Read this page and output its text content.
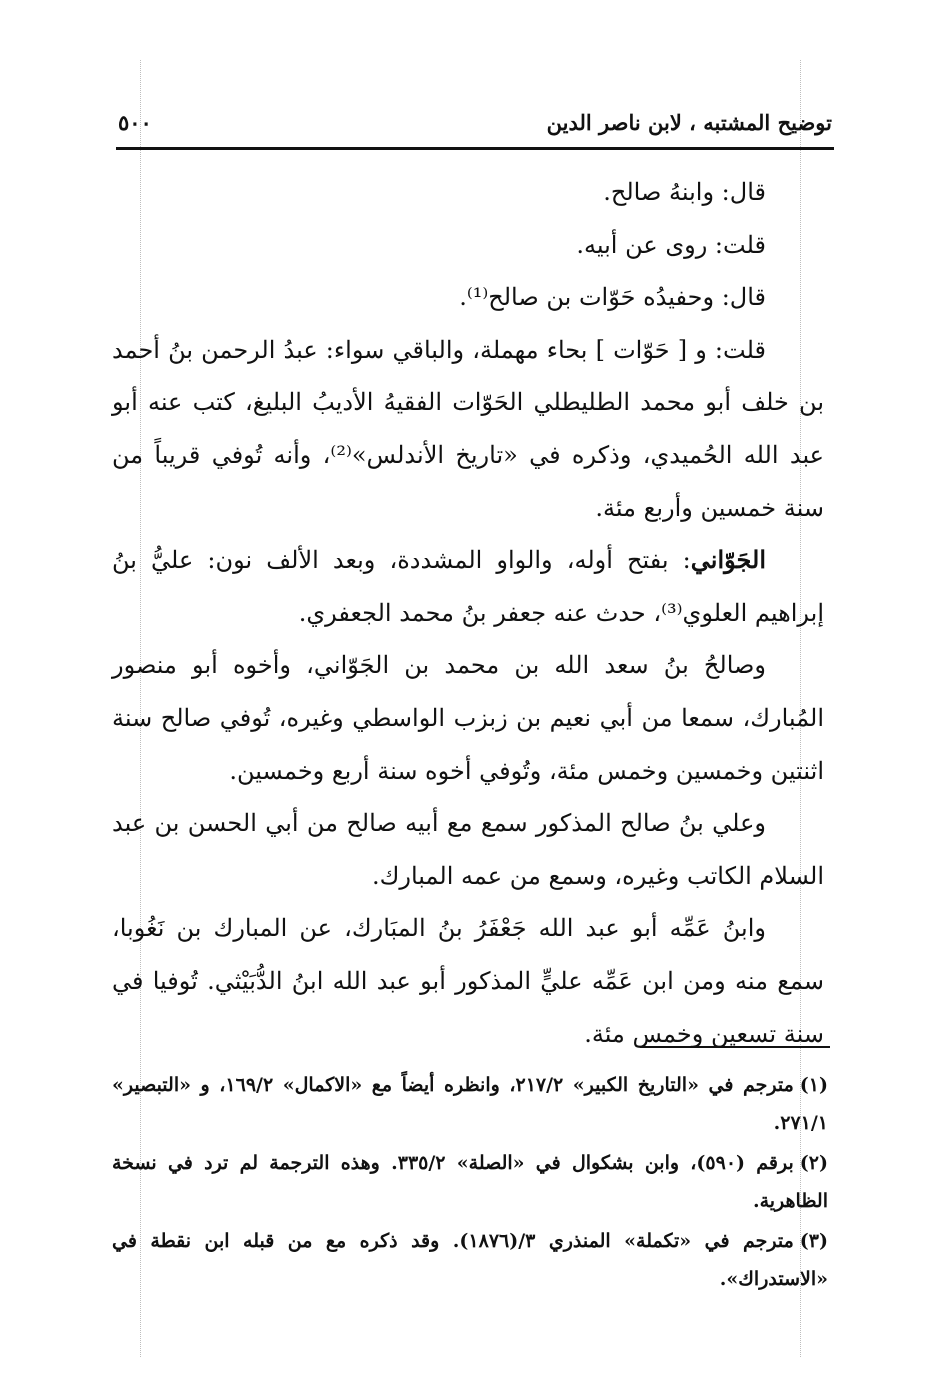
توضيح المشتبه ، لابن ناصر الدين
٥٠٠

قال: وابنهُ صالح.

قلت: روى عن أبيه.

قال: وحفيدُه حَوّات بن صالح⁽¹⁾.

قلت: و [ حَوّات ] بحاء مهملة، والباقي سواء: عبدُ الرحمن بنُ أحمد بن خلف أبو محمد الطليطلي الحَوّات الفقيهُ الأديبُ البليغ، كتب عنه أبو عبد الله الحُميدي، وذكره في «تاريخ الأندلس»⁽²⁾، وأنه تُوفي قريباً من سنة خمسين وأربع مئة.

الجَوّاني: بفتح أوله، والواو المشددة، وبعد الألف نون: عليُّ بنُ إبراهيم العلوي⁽³⁾، حدث عنه جعفر بنُ محمد الجعفري.

وصالحُ بنُ سعد الله بن محمد بن الجَوّاني، وأخوه أبو منصور المُبارك، سمعا من أبي نعيم بن زبزب الواسطي وغيره، تُوفي صالح سنة اثنتين وخمسين وخمس مئة، وتُوفي أخوه سنة أربع وخمسين.

وعلي بنُ صالح المذكور سمع مع أبيه صالح من أبي الحسن بن عبد السلام الكاتب وغيره، وسمع من عمه المبارك.

وابنُ عَمِّه أبو عبد الله جَعْفَرُ بنُ المبَارك، عن المبارك بن نَغُوبا، سمع منه ومن ابن عَمِّه عليٍّ المذكور أبو عبد الله ابنُ الدُّبَيْثي. تُوفيا في سنة تسعين وخمس مئة.

(١)مترجم في «التاريخ الكبير» ٢١٧/٢، وانظره أيضاً مع «الاكمال» ١٦٩/٢، و «التبصير» ٢٧١/١.

(٢)برقم (٥٩٠)، وابن بشكوال في «الصلة» ٣٣٥/٢. وهذه الترجمة لم ترد في نسخة الظاهرية.

(٣)مترجم في «تكملة» المنذري ٣/(١٨٧٦). وقد ذكره مع من قبله ابن نقطة في «الاستدراك».
